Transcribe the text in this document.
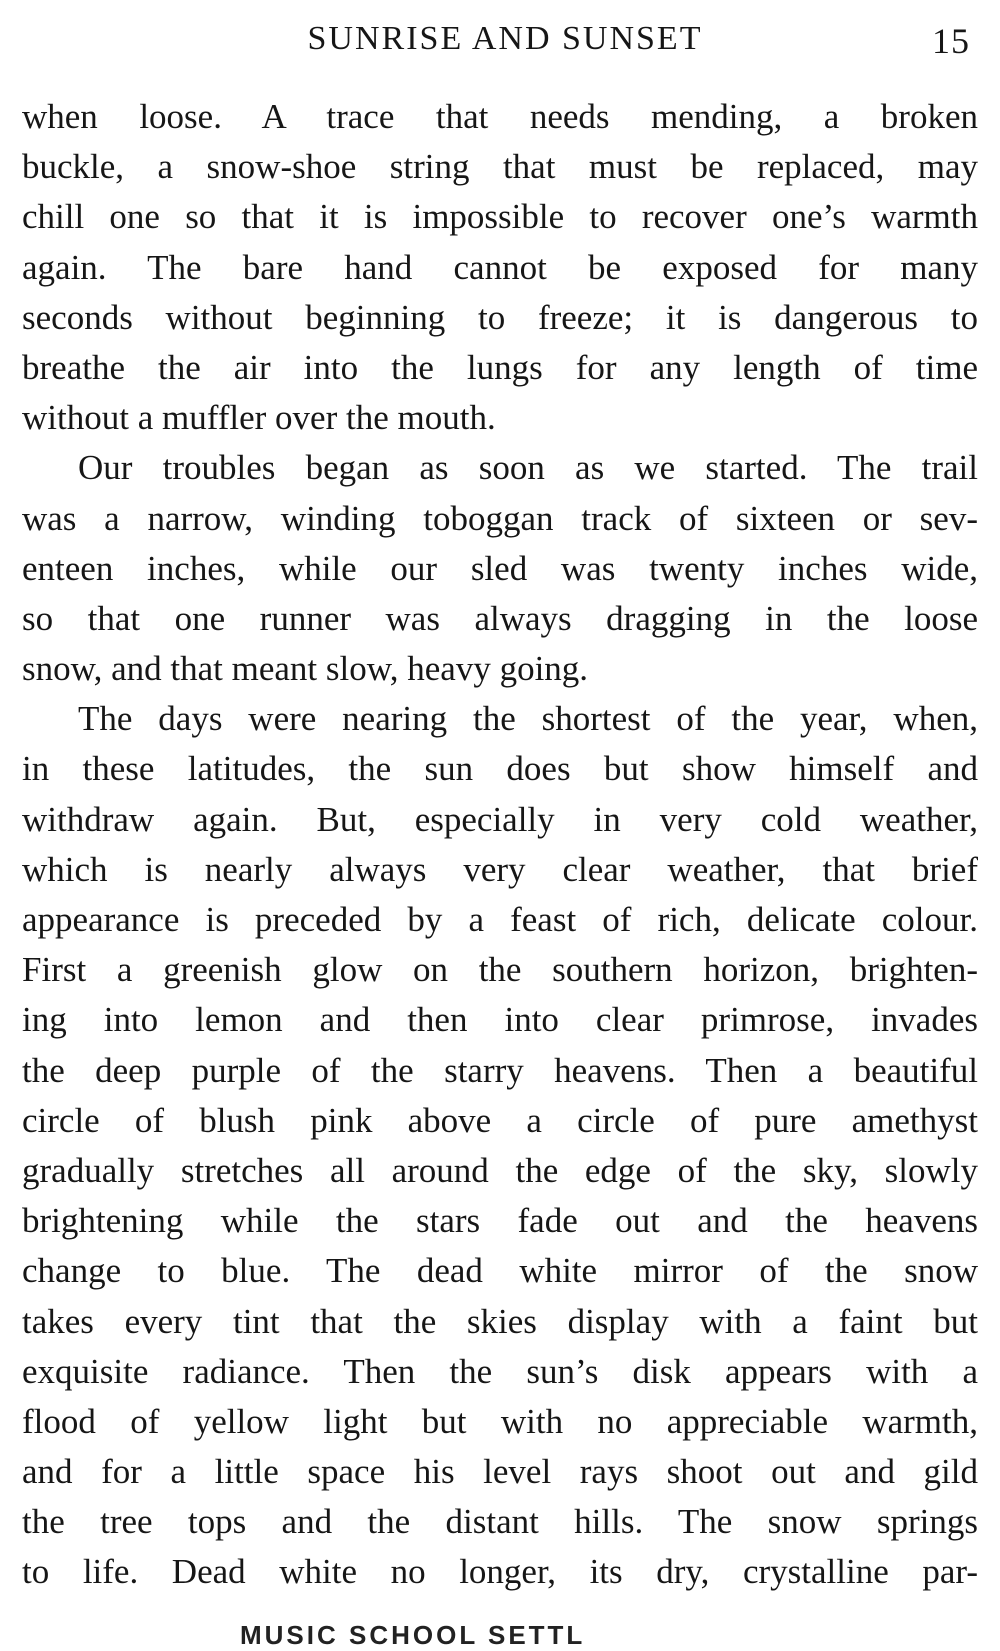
SUNRISE AND SUNSET	15
when loose. A trace that needs mending, a broken
buckle, a snow-shoe string that must be replaced, may
chill one so that it is impossible to recover one’s warmth
again. The bare hand cannot be exposed for many
seconds without beginning to freeze; it is dangerous to
breathe the air into the lungs for any length of time
without a muffler over the mouth.
Our troubles began as soon as we started. The trail
was a narrow, winding toboggan track of sixteen or sev-
enteen inches, while our sled was twenty inches wide,
so that one runner was always dragging in the loose
snow, and that meant slow, heavy going.
The days were nearing the shortest of the year, when,
in these latitudes, the sun does but show himself and
withdraw again. But, especially in very cold weather,
which is nearly always very clear weather, that brief
appearance is preceded by a feast of rich, delicate colour.
First a greenish glow on the southern horizon, brighten-
ing into lemon and then into clear primrose, invades
the deep purple of the starry heavens. Then a beautiful
circle of blush pink above a circle of pure amethyst
gradually stretches all around the edge of the sky, slowly
brightening while the stars fade out and the heavens
change to blue. The dead white mirror of the snow
takes every tint that the skies display with a faint but
exquisite radiance. Then the sun’s disk appears with a
flood of yellow light but with no appreciable warmth,
and for a little space his level rays shoot out and gild
the tree tops and the distant hills. The snow springs
to life. Dead white no longer, its dry, crystalline par-
MUSIC SCHOOL SETTL
